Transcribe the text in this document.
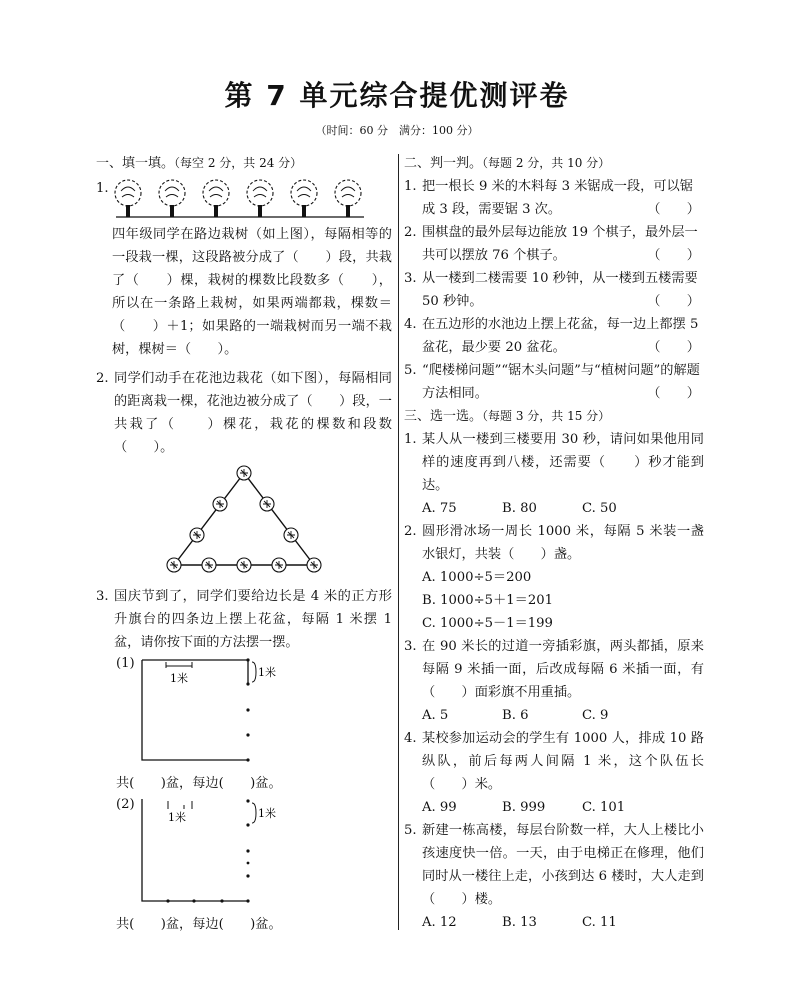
第 7 单元综合提优测评卷
（时间：60 分　满分：100 分）
一、填一填。（每空 2 分，共 24 分）
1.
四年级同学在路边栽树（如上图），每隔相等的一段栽一棵，这段路被分成了（　　）段，共栽了（　　）棵，栽树的棵数比段数多（　　），所以在一条路上栽树，如果两端都栽，棵数＝（　　）＋1；如果路的一端栽树而另一端不栽树，棵树＝（　　）。
2. 同学们动手在花池边栽花（如下图），每隔相同的距离栽一棵，花池边被分成了（　　）段，一共栽了（　　）棵花，栽花的棵数和段数（　　）。
3. 国庆节到了，同学们要给边长是 4 米的正方形升旗台的四条边上摆上花盆，每隔 1 米摆 1 盆，请你按下面的方法摆一摆。
(1)
1米	1米
共(　　)盆，每边(　　)盆。
(2)
1米	1米
共(　　)盆，每边(　　)盆。
二、判一判。（每题 2 分，共 10 分）
1. 把一根长 9 米的木料每 3 米锯成一段，可以锯成 3 段，需要锯 3 次。	（　　）
2. 围棋盘的最外层每边能放 19 个棋子，最外层一共可以摆放 76 个棋子。	（　　）
3. 从一楼到二楼需要 10 秒钟，从一楼到五楼需要 50 秒钟。	（　　）
4. 在五边形的水池边上摆上花盆，每一边上都摆 5 盆花，最少要 20 盆花。	（　　）
5. “爬楼梯问题”“锯木头问题”与“植树问题”的解题方法相同。	（　　）
三、选一选。（每题 3 分，共 15 分）
1. 某人从一楼到三楼要用 30 秒，请问如果他用同样的速度再到八楼，还需要（　　）秒才能到达。
A. 75	B. 80	C. 50
2. 圆形滑冰场一周长 1000 米，每隔 5 米装一盏水银灯，共装（　　）盏。
A. 1000÷5＝200
B. 1000÷5＋1＝201
C. 1000÷5－1＝199
3. 在 90 米长的过道一旁插彩旗，两头都插，原来每隔 9 米插一面，后改成每隔 6 米插一面，有（　　）面彩旗不用重插。
A. 5	B. 6	C. 9
4. 某校参加运动会的学生有 1000 人，排成 10 路纵队，前后每两人间隔 1 米，这个队伍长（　　）米。
A. 99	B. 999	C. 101
5. 新建一栋高楼，每层台阶数一样，大人上楼比小孩速度快一倍。一天，由于电梯正在修理，他们同时从一楼往上走，小孩到达 6 楼时，大人走到（　　）楼。
A. 12	B. 13	C. 11
